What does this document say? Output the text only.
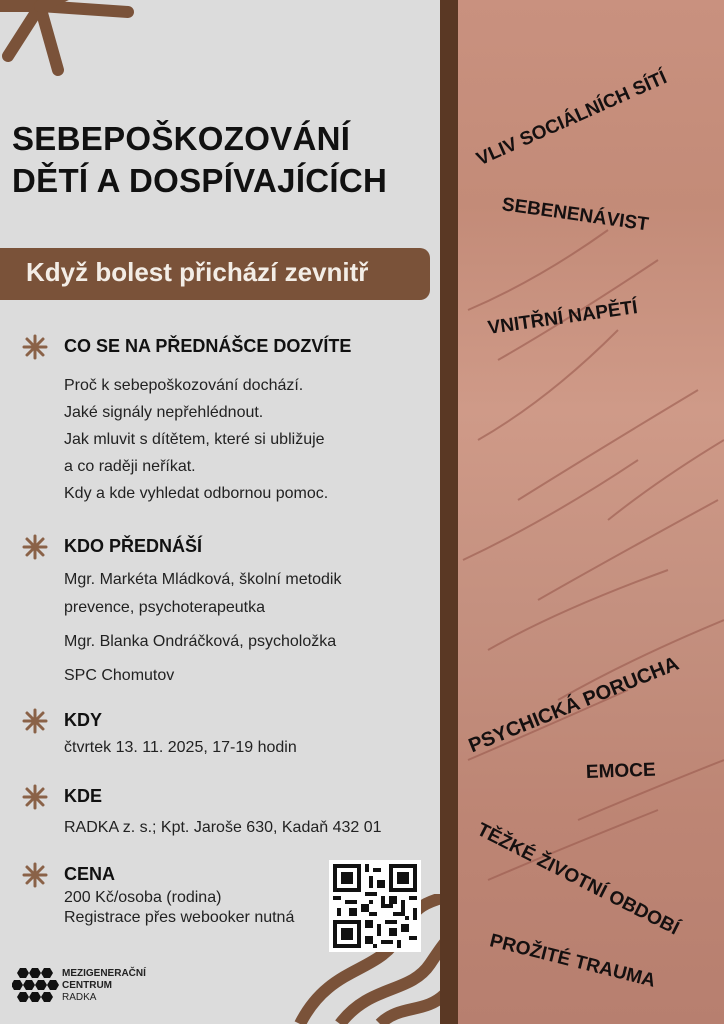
VLIV SOCIÁLNÍCH SÍTÍ
SEBENENÁVIST
VNITŘNÍ NAPĚTÍ
PSYCHICKÁ PORUCHA
EMOCE
TĚŽKÉ ŽIVOTNÍ OBDOBÍ
PROŽITÉ TRAUMA
SEBEPOŠKOZOVÁNÍ
DĚTÍ A DOSPÍVAJÍCÍCH
Když bolest přichází zevnitř
CO SE NA PŘEDNÁŠCE DOZVÍTE
Proč k sebepoškozování dochází.
Jaké signály nepřehlédnout.
Jak mluvit s dítětem, které si ubližuje
a co raději neříkat.
Kdy a kde vyhledat odbornou pomoc.
KDO PŘEDNÁŠÍ
Mgr. Markéta Mládková, školní metodik
prevence, psychoterapeutka
Mgr. Blanka Ondráčková, psycholožka
SPC Chomutov
KDY
čtvrtek 13. 11. 2025, 17-19 hodin
KDE
RADKA z. s.; Kpt. Jaroše 630, Kadaň 432 01
CENA
200 Kč/osoba (rodina)
Registrace přes webooker nutná
MEZIGENERAČNÍ
CENTRUM
RADKA
